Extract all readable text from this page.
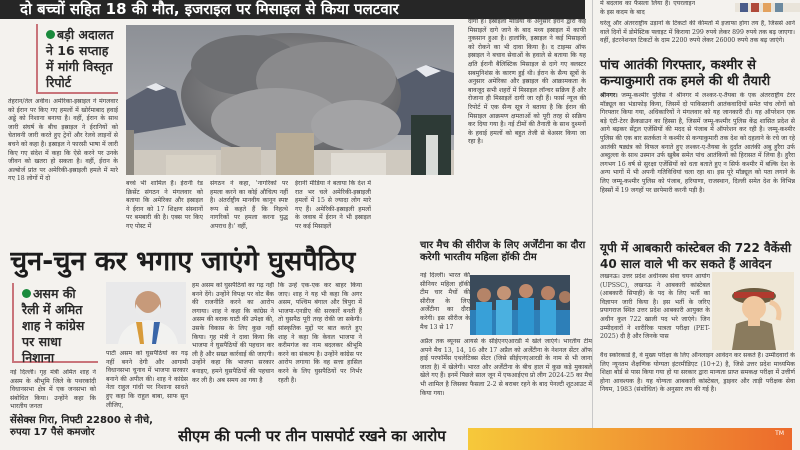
दो बच्चों सहित 18 की मौत, इजराइल पर मिसाइल से किया पलटवार
बड़ी अदालत ने 16 सप्ताह में मांगी विस्तृत रिपोर्ट
तेहरान/तेल अवीव। अमेरिका-इस्राइल ने मंगलवार को ईरान पर किए गए हमलों में खोर्रमाबाद हवाई अड्डे को निशाना बनाया है। वहीं, ईरान के साथ जारी संघर्ष के बीच इस्राइल ने ईरानियों को चेतावनी जारी करते हुए ट्रेनों और रेलवे लाइनों से बचने को कहा है। इस्राइल ने फारसी भाषा में जारी किए गए संदेश में कहा कि ऐसे करने पर उनके जीवन को खतरा हो सकता है। वहीं, ईरान के अल्बोर्ज प्रांत पर अमेरिकी-इस्राइली हमले में मारे गए 18 लोगों में दो
बच्चे भी शामिल हैं। ईरानी रेड क्रिसेंट संगठन ने मंगलवार को बताया कि अमेरिका और इस्राइल ने ईरान को 17 शिक्षण संस्थानों पर बमबारी की है। एक्स पर किए गए पोस्ट में
संगठन ने कहा, 'नागरिकों पर हमला करने का कोई औचित्य नहीं है। अंतर्राष्ट्रीय मानवीय कानून स्पष्ट रूप से कहते हैं कि निहत्थे नागरिकों पर हमला करना युद्ध अपराध है।' वहीं,
ईरानी मीडिया ने बताया कि देश में रात भर चले अमेरिकी-इस्राइली हमलों में 15 से ज्यादा लोग मारे गए हैं। अमेरिकी-इस्राइली हमलों के जवाब में ईरान ने भी इस्राइल पर कई मिसाइलें
दागी हैं। इस्राइली मीडिया के अनुसार ईरान द्वारा कई मिसाइलें दागे जाने के बाद मध्य इस्राइल में काफी नुकसान हुआ है। हालांकि, इस्राइल ने कई मिसाइलों को रोकने का भी दावा किया है। द टाइम्स ऑफ इस्राइल ने बचाव सेवाओं के हवाले से बताया कि यह क्षति ईरानी बैलिस्टिक मिसाइल से दागे गए क्लस्टर सबमुनिशंस के कारण हुई थी। ईरान के सैन्य सूत्रों के अनुसार अमेरिका और इस्राइल की आक्रामकता के बावजूद सभी शहरों में मिसाइल लॉन्चर सक्रिय हैं और रोजाना ही मिसाइलें दागी जा रही हैं। फार्स न्यूज की रिपोर्ट में एक सैन्य सूत्र ने बताया है कि ईरान की मिसाइल आक्रमण क्षमताओं को पूरी तरह से सक्रिय कर दिया गया है। नई टीमों की तैनाती के साथ दुश्मनों के हवाई हमलों को बहुत तेजी से बेअसर किया जा रहा है।
में बदलाव का फैसला लिया है। एयरलाइन के इस कदम के बाद
घरेलू और अंतरराष्ट्रीय उड़ानों के टिकटों की कीमतों में इजाफा होगा तय है, जिससे आने वाले दिनों में डोमेस्टिक फ्लाइट में किराया 299 रुपये लेकर 899 रुपये तक बढ़ जाएगा। वहीं, इंटरनेशनल टिकटों के दाम 2200 रुपये लेकर 26000 रुपये तक बढ़ जाएंगे।
पांच आतंकी गिरफ्तार, कश्मीर से कन्याकुमारी तक हमले की थी तैयारी
श्रीनगर। जम्मू-कश्मीर पुलिस ने श्रीनगर में लश्कर-ए-तैयबा के एक अंतरराष्ट्रीय टेरर मॉड्यूल का भंडाफोड़ किया, जिसमें दो पाकिस्तानी आतंकवादियों समेत पांच लोगों को गिरफ्तार किया गया, अधिकारियों ने मंगलवार को यह जानकारी दी। यह ऑपरेशन एक बड़े एंटी-टेरर क्रैकडाउन का हिस्सा है, जिसमें जम्मू-कश्मीर पुलिस केंद्र शासित प्रदेश से आगे बढ़कर सेंट्रल एजेंसियों की मदद से पंजाब में ऑपरेशन कर रही है। जम्मू-कश्मीर पुलिस की एक बार सतर्कता ने कश्मीर से कन्याकुमारी तक देश को दहलाने के रचे जा रहे आतंकी षड्यंत्र को विफल बनाते हुए लश्कर-ए-तैयबा के दुर्दांत आतंकी अबु हुरैरा उर्फ अब्दुल्ला के साथ उस्मान उर्फ खुबैब समेत पांच आतंकियों को हिरासत में लिया है। हुरैरा लगभग 16 वर्ष से सुरक्षा एजेंसियों को धता बताते हुए न सिर्फ कश्मीर में बल्कि देश के अन्य भागों में भी अपनी गतिविधियां चला रहा था। इस पूरे मॉड्यूल को पता लगाने के लिए जम्मू-कश्मीर पुलिस को पंजाब, हरियाणा, राजस्थान, दिल्ली समेत देश के विभिन्न हिस्सों में 19 जगहों पर छापेमारी करनी पड़ी है।
यूपी में आबकारी कांस्टेबल की 722 वैकेंसी 40 साल वाले भी कर सकते हैं आवेदन
लखनऊ। उत्तर प्रदेश अधीनस्थ सेवा चयन आयोग (UPSSC), लखनऊ ने आबकारी कांस्टेबल (आबकारी सिपाही) के पद के लिए भर्ती का विज्ञापन जारी किया है। इस भर्ती के जरिए प्रयागराज स्थित उत्तर प्रदेश आबकारी आयुक्त के अधीन कुल 722 खाली पद भरे जाएंगे। जिन उम्मीदवारों ने शारीरिक पात्रता परीक्षा (PET-2025) दी है और जिनके पास
वैध स्कोरकार्ड है, वे मुख्य परीक्षा के लिए ऑनलाइन आवेदन कर सकते हैं। उम्मीदवारों के लिए न्यूनतम शैक्षणिक योग्यता इंटरमीडिएट (10+2) है, जिसे उत्तर प्रदेश माध्यमिक शिक्षा बोर्ड से पास किया गया हो या सरकार द्वारा मान्यता प्राप्त समकक्ष परीक्षा में उत्तीर्ण होना आवश्यक है। यह योग्यता आबकारी कांस्टेबल, ड्राइवर और ताड़ी परीक्षक सेवा नियम, 1983 (संशोधित) के अनुसार तय की गई है।
चुन-चुन कर भगाए जाएंगे घुसपैठिए
असम की रैली में अमित शाह ने कांग्रेस पर साधा निशाना
नई दिल्ली। गृह मंत्री अमित शाह ने असम के श्रीभूमि जिले के पथरकांदी विधानसभा क्षेत्र में एक जनसभा को संबोधित किया। उन्होंने कहा कि भारतीय जनता
पार्टी असम को घुसपैठियों का गढ़ नहीं बनने देगी और आगामी विधानसभा चुनाव में भाजपा सरकार बनाने की अपील की। शाह ने कांग्रेस नेता राहुल गांधी पर निशाना साधते हुए कहा कि राहुल बाबा, साफ सुन लीजिए,
हम असम को घुसपैठियों का गढ़ नहीं बनने देंगे। उन्होंने विपक्ष पर वोट बैंक की राजनीति करने का आरोप लगाया। शाह ने कहा कि कांग्रेस ने असम की बराक घाटी की उपेक्षा की, उसके विकास के लिए कुछ नहीं किया। गृह मंत्री ने दावा किया कि भाजपा ने घुसपैठियों की पहचान कर ली है और सख्त कार्रवाई की जाएगी। उन्होंने कहा कि भाजपा सरकार बनाइए, हमने घुसपैठियों की पहचान कर ली है। अब समय आ गया है
कि उन्हें एक-एक कर बाहर किया जाए। शाह ने यह भी कहा कि अगर असम, पश्चिम बंगाल और त्रिपुरा में भाजपा-एनडीए की सरकारें बनती हैं तो घुसपैठ पूरी तरह रोकी जा सकेगी। सांस्कृतिक मुद्दों पर बात करते हुए शाह ने कहा कि केवल भाजपा ने करीमगंज का नाम बदलकर श्रीभूमि करने का संकल्प है। उन्होंने कांग्रेस पर आरोप लगाया कि वह सत्ता हासिल करने के लिए घुसपैठियों पर निर्भर रहती है।
चार मैच की सीरीज के लिए अर्जेंटीना का दौरा करेगी भारतीय महिला हॉकी टीम
नई दिल्ली। भारत की सीनियर महिला हॉकी टीम चार मैचों की सीरीज के लिए अर्जेंटीना का दौरा करेगी। इस सीरीज के मैच 13 से 17
अप्रैल तक ब्यूनस आयर्स के सीईएनएआरडी में खेले जाएंगे। भारतीय टीम अपने मैच 13, 14, 16 और 17 अप्रैल को अर्जेंटीना के नेशनल सेंटर ऑफ हाई परफॉर्मेंस एथलेटिक्स सेंटर (जिसे सीईएनएआरडी के नाम से भी जाना जाता है) में खेलेगी। भारत और अर्जेंटीना के बीच हाल में कुछ कड़े मुकाबले खेले गए हैं। इनमें पिछले साल जून में एफआईएच प्रो लीग 2024-25 का मैच भी शामिल है जिसका फैसला 2-2 से बराबर रहने के बाद पेनल्टी शूटआउट में किया गया।
सेंसेक्स गिरा, निफ्टी 22800 से नीचे, रुपया 17 पैसे कमजोर	सीएम की पत्नी पर तीन पासपोर्ट रखने का आरोप	TM
